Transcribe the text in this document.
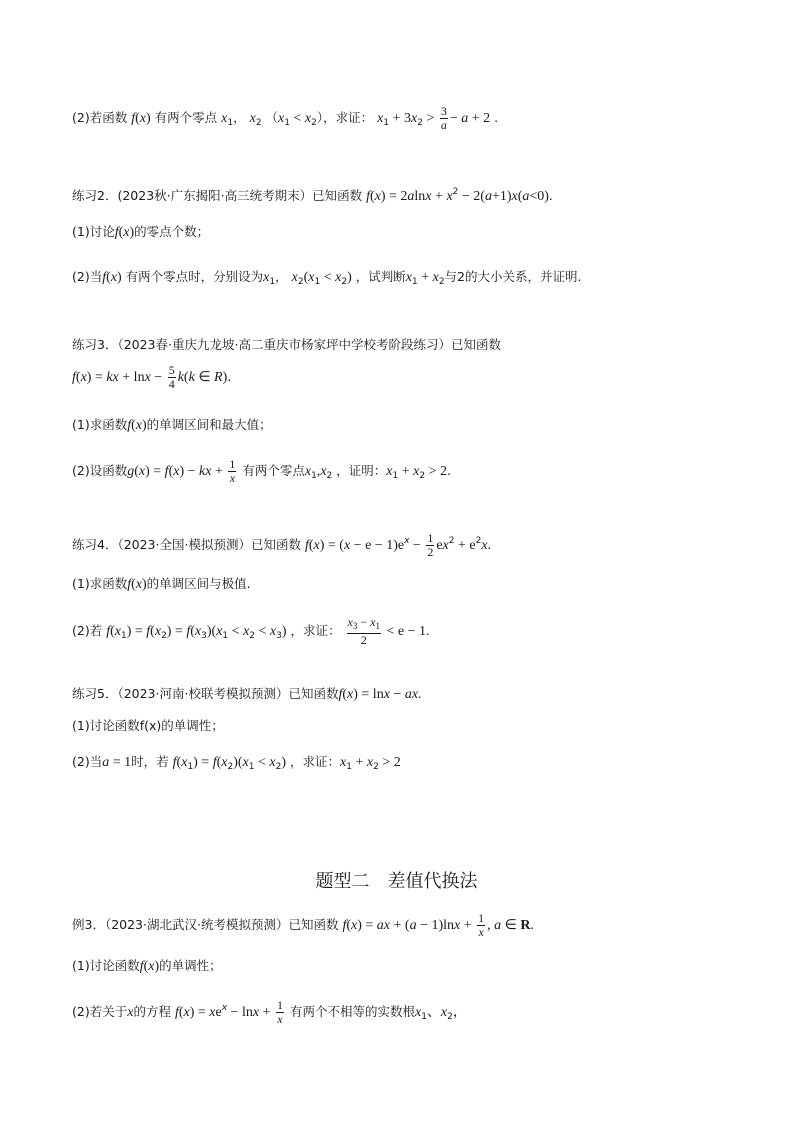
(2)若函数 f(x) 有两个零点 $x_1$， $x_2$ $(x_1 < x_2)$，求证： $x_1 + 3x_2 > \frac{3}{a} - a + 2$ .
练习2．(2023秋·广东揭阳·高三统考期末）已知函数 $f(x) = 2alnx + x^2 - 2(a+1)x(a<0)$.
(1)讨论f(x)的零点个数；
(2)当f(x) 有两个零点时，分别设为$x_1$， $x_2(x_1 < x_2)$ ，试判断$x_1 + x_2$与2的大小关系，并证明.
练习3．（2023春·重庆九龙坡·高二重庆市杨家坪中学校考阶段练习）已知函数
f(x) = kx + $\ln x - \frac{5}{4} k(k$ ∈ R).
(1)求函数f(x)的单调区间和最大值；
(2)设函数g(x) = f(x) − kx + $\frac{1}{x}$ 有两个零点$x_1,x_2$ ，证明：$x_1 + x_2 > 2$.
练习4．（2023·全国·模拟预测）已知函数 $f(x) = (x - e - 1)e^x - \frac{1}{2} ex^2 + e^2x$.
(1)求函数f(x)的单调区间与极值.
(2)若 $f(x_1) = f(x_2) = f(x_3)(x_1 < x_2 < x_3)$ ，求证： $\frac{x_3 - x_1}{2} < e - 1$.
练习5．（2023·河南·校联考模拟预测）已知函数f(x) = lnx − ax.
(1)讨论函数f(x)的单调性；
(2)当a = 1时，若 $f(x_1) = f(x_2)(x_1 < x_2)$ ，求证：$x_1 + x_2 > 2$
题型二 差值代换法
例3．（2023·湖北武汉·统考模拟预测）已知函数 f(x) = ax + $(a - 1)\ln x + \frac{1}{x}$ , a ∈ R.
(1)讨论函数f(x)的单调性；
(2)若关于x的方程 $f(x) = xe^x - \ln x + \frac{1}{x}$ 有两个不相等的实数根$x_1$、$x_2$，
